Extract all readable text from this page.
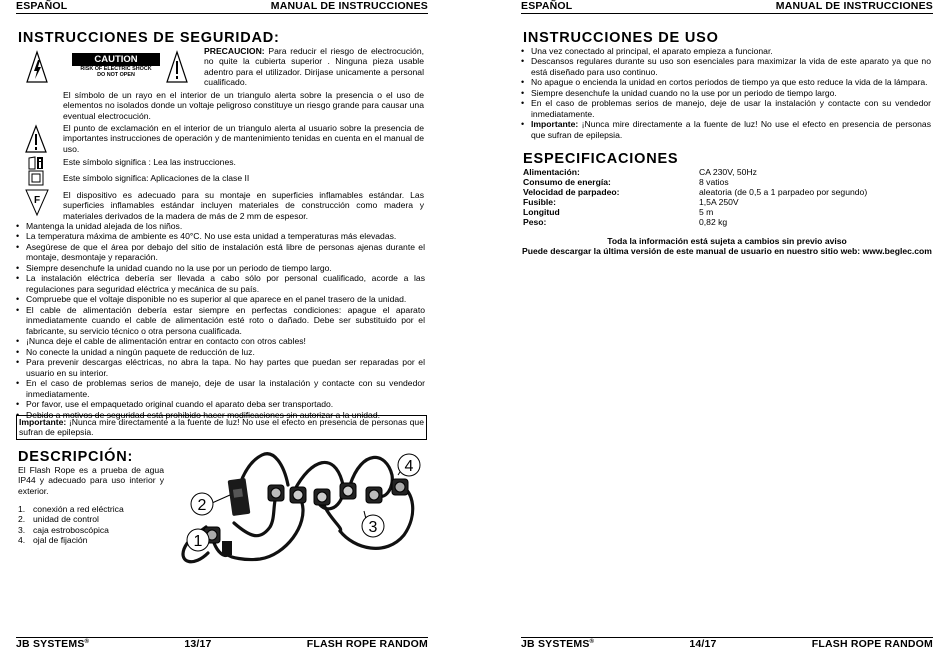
ESPAÑOL	MANUAL DE INSTRUCCIONES
INSTRUCCIONES DE SEGURIDAD:
CAUTION
RISK OF ELECTRIC SHOCK
DO NOT OPEN
PRECAUCION: Para reducir el riesgo de electrocución, no quite la cubierta superior . Ninguna pieza usable adentro para el utilizador. Dirijase unicamente a personal cualificado.
El símbolo de un rayo en el interior de un triangulo alerta sobre la presencia o el uso de elementos no isolados donde un voltaje peligroso constituye un riesgo grande para causar una eventual electrocución.
El punto de exclamación en el interior de un triangulo alerta al usuario sobre la presencia de importantes instrucciones de operación y de mantenimiento tenidas en cuenta en el manual de uso.
Este símbolo significa : Lea las instrucciones.
Este símbolo significa: Aplicaciones de la clase II
F	El dispositivo es adecuado para su montaje en superficies inflamables estándar. Las superficies inflamables estándar incluyen materiales de construcción como madera y materiales derivados de la madera de más de 2 mm de espesor.
• Mantenga la unidad alejada de los niños.
• La temperatura máxima de ambiente es 40°C. No use esta unidad a temperaturas más elevadas.
• Asegúrese de que el área por debajo del sitio de instalación está libre de personas ajenas durante el montaje, desmontaje y reparación.
• Siempre desenchufe la unidad cuando no la use por un periodo de tiempo largo.
• La instalación eléctrica debería ser llevada a cabo sólo por personal cualificado, acorde a las regulaciones para seguridad eléctrica y mecánica de su país.
• Compruebe que el voltaje disponible no es superior al que aparece en el panel trasero de la unidad.
• El cable de alimentación debería estar siempre en perfectas condiciones: apague el aparato inmediatamente cuando el cable de alimentación esté roto o dañado. Debe ser substituido por el fabricante, su servicio técnico o otra persona cualificada.
• ¡Nunca deje el cable de alimentación entrar en contacto con otros cables!
• No conecte la unidad a ningún paquete de reducción de luz.
• Para prevenir descargas eléctricas, no abra la tapa. No hay partes que puedan ser reparadas por el usuario en su interior.
• En el caso de problemas serios de manejo, deje de usar la instalación y contacte con su vendedor inmediatamente.
• Por favor, use el empaquetado original cuando el aparato deba ser transportado.
• Debido a motivos de seguridad está prohibido hacer modificaciones sin autorizar a la unidad.
Importante: ¡Nunca mire directamente a la fuente de luz! No use el efecto en presencia de personas que sufran de epilepsia.
DESCRIPCIÓN:
El Flash Rope es a prueba de agua IP44 y adecuado para uso interior y exterior.
1. conexión a red eléctrica
2. unidad de control
3. caja estroboscópica
4. ojal de fijación	1
2
3
4
JB SYSTEMS®	13/17	FLASH ROPE RANDOM
ESPAÑOL	MANUAL DE INSTRUCCIONES
INSTRUCCIONES DE USO
• Una vez conectado al principal, el aparato empieza a funcionar.
• Descansos regulares durante su uso son esenciales para maximizar la vida de este aparato ya que no está diseñado para uso continuo.
• No apague o encienda la unidad en cortos periodos de tiempo ya que esto reduce la vida de la lámpara.
• Siempre desenchufe la unidad cuando no la use por un periodo de tiempo largo.
• En el caso de problemas serios de manejo, deje de usar la instalación y contacte con su vendedor inmediatamente.
• Importante: ¡Nunca mire directamente a la fuente de luz! No use el efecto en presencia de personas que sufran de epilepsia.
ESPECIFICACIONES
Alimentación:	CA 230V, 50Hz
Consumo de energía:	8 vatios
Velocidad de parpadeo:	aleatoria (de 0,5 a 1 parpadeo por segundo)
Fusible:	1,5A 250V
Longitud	5 m
Peso:	0,82 kg
Toda la información está sujeta a cambios sin previo aviso
Puede descargar la última versión de este manual de usuario en nuestro sitio web: www.beglec.com
JB SYSTEMS®	14/17	FLASH ROPE RANDOM
